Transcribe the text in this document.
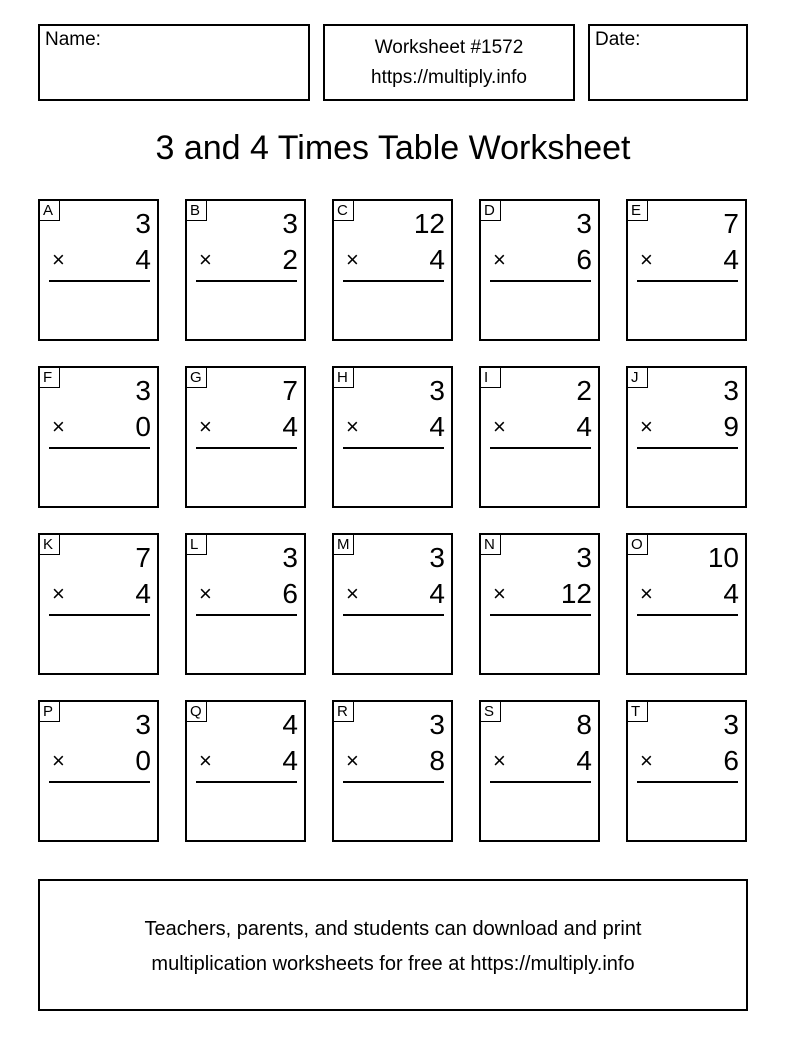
Name:	Worksheet #1572
https://multiply.info
Date:
3 and 4 Times Table Worksheet
A	3
×	4
B	3
×	2
C 12
×	4
D	3
×	6
E	7
×	4
F	3
×	0
G	7
×	4
H	3
×	4
I	2
×	4
J	3
×	9
K	7
×	4
L	3
×	6
M	3
×	4
N	3
× 12
O 10
×	4
P	3
×	0
Q	4
×	4
R	3
×	8
S	8
×	4
T	3
×	6
Teachers, parents, and students can download and print
multiplication worksheets for free at https://multiply.info
